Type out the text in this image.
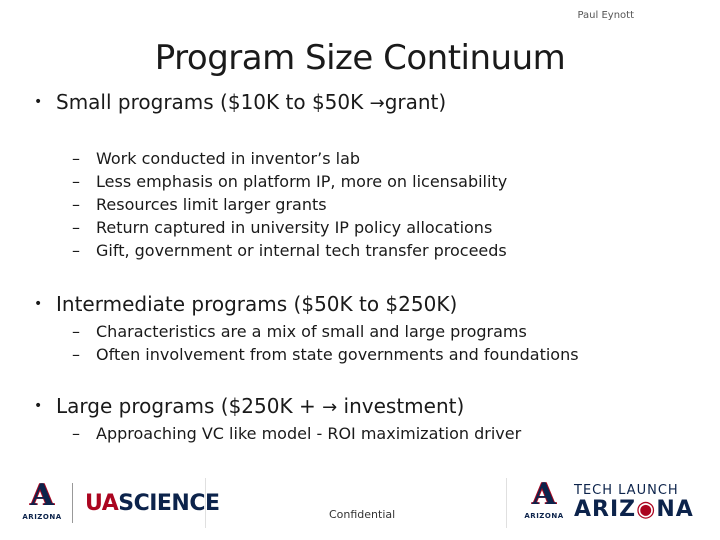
Paul Eynott
Program Size Continuum
• Small programs ($10K to $50K →grant)
– Work conducted in inventor’s lab
– Less emphasis on platform IP, more on licensability
– Resources limit larger grants
– Return captured in university IP policy allocations
– Gift, government or internal tech transfer proceeds
• Intermediate programs ($50K to $250K)
– Characteristics are a mix of small and large programs
– Often involvement from state governments and foundations
• Large programs ($250K + → investment)
– Approaching VC like model - ROI maximization driver
A
ARIZONA
UASCIENCE	Confidential
A
ARIZONA
TECH LAUNCH
ARIZ◉NA
